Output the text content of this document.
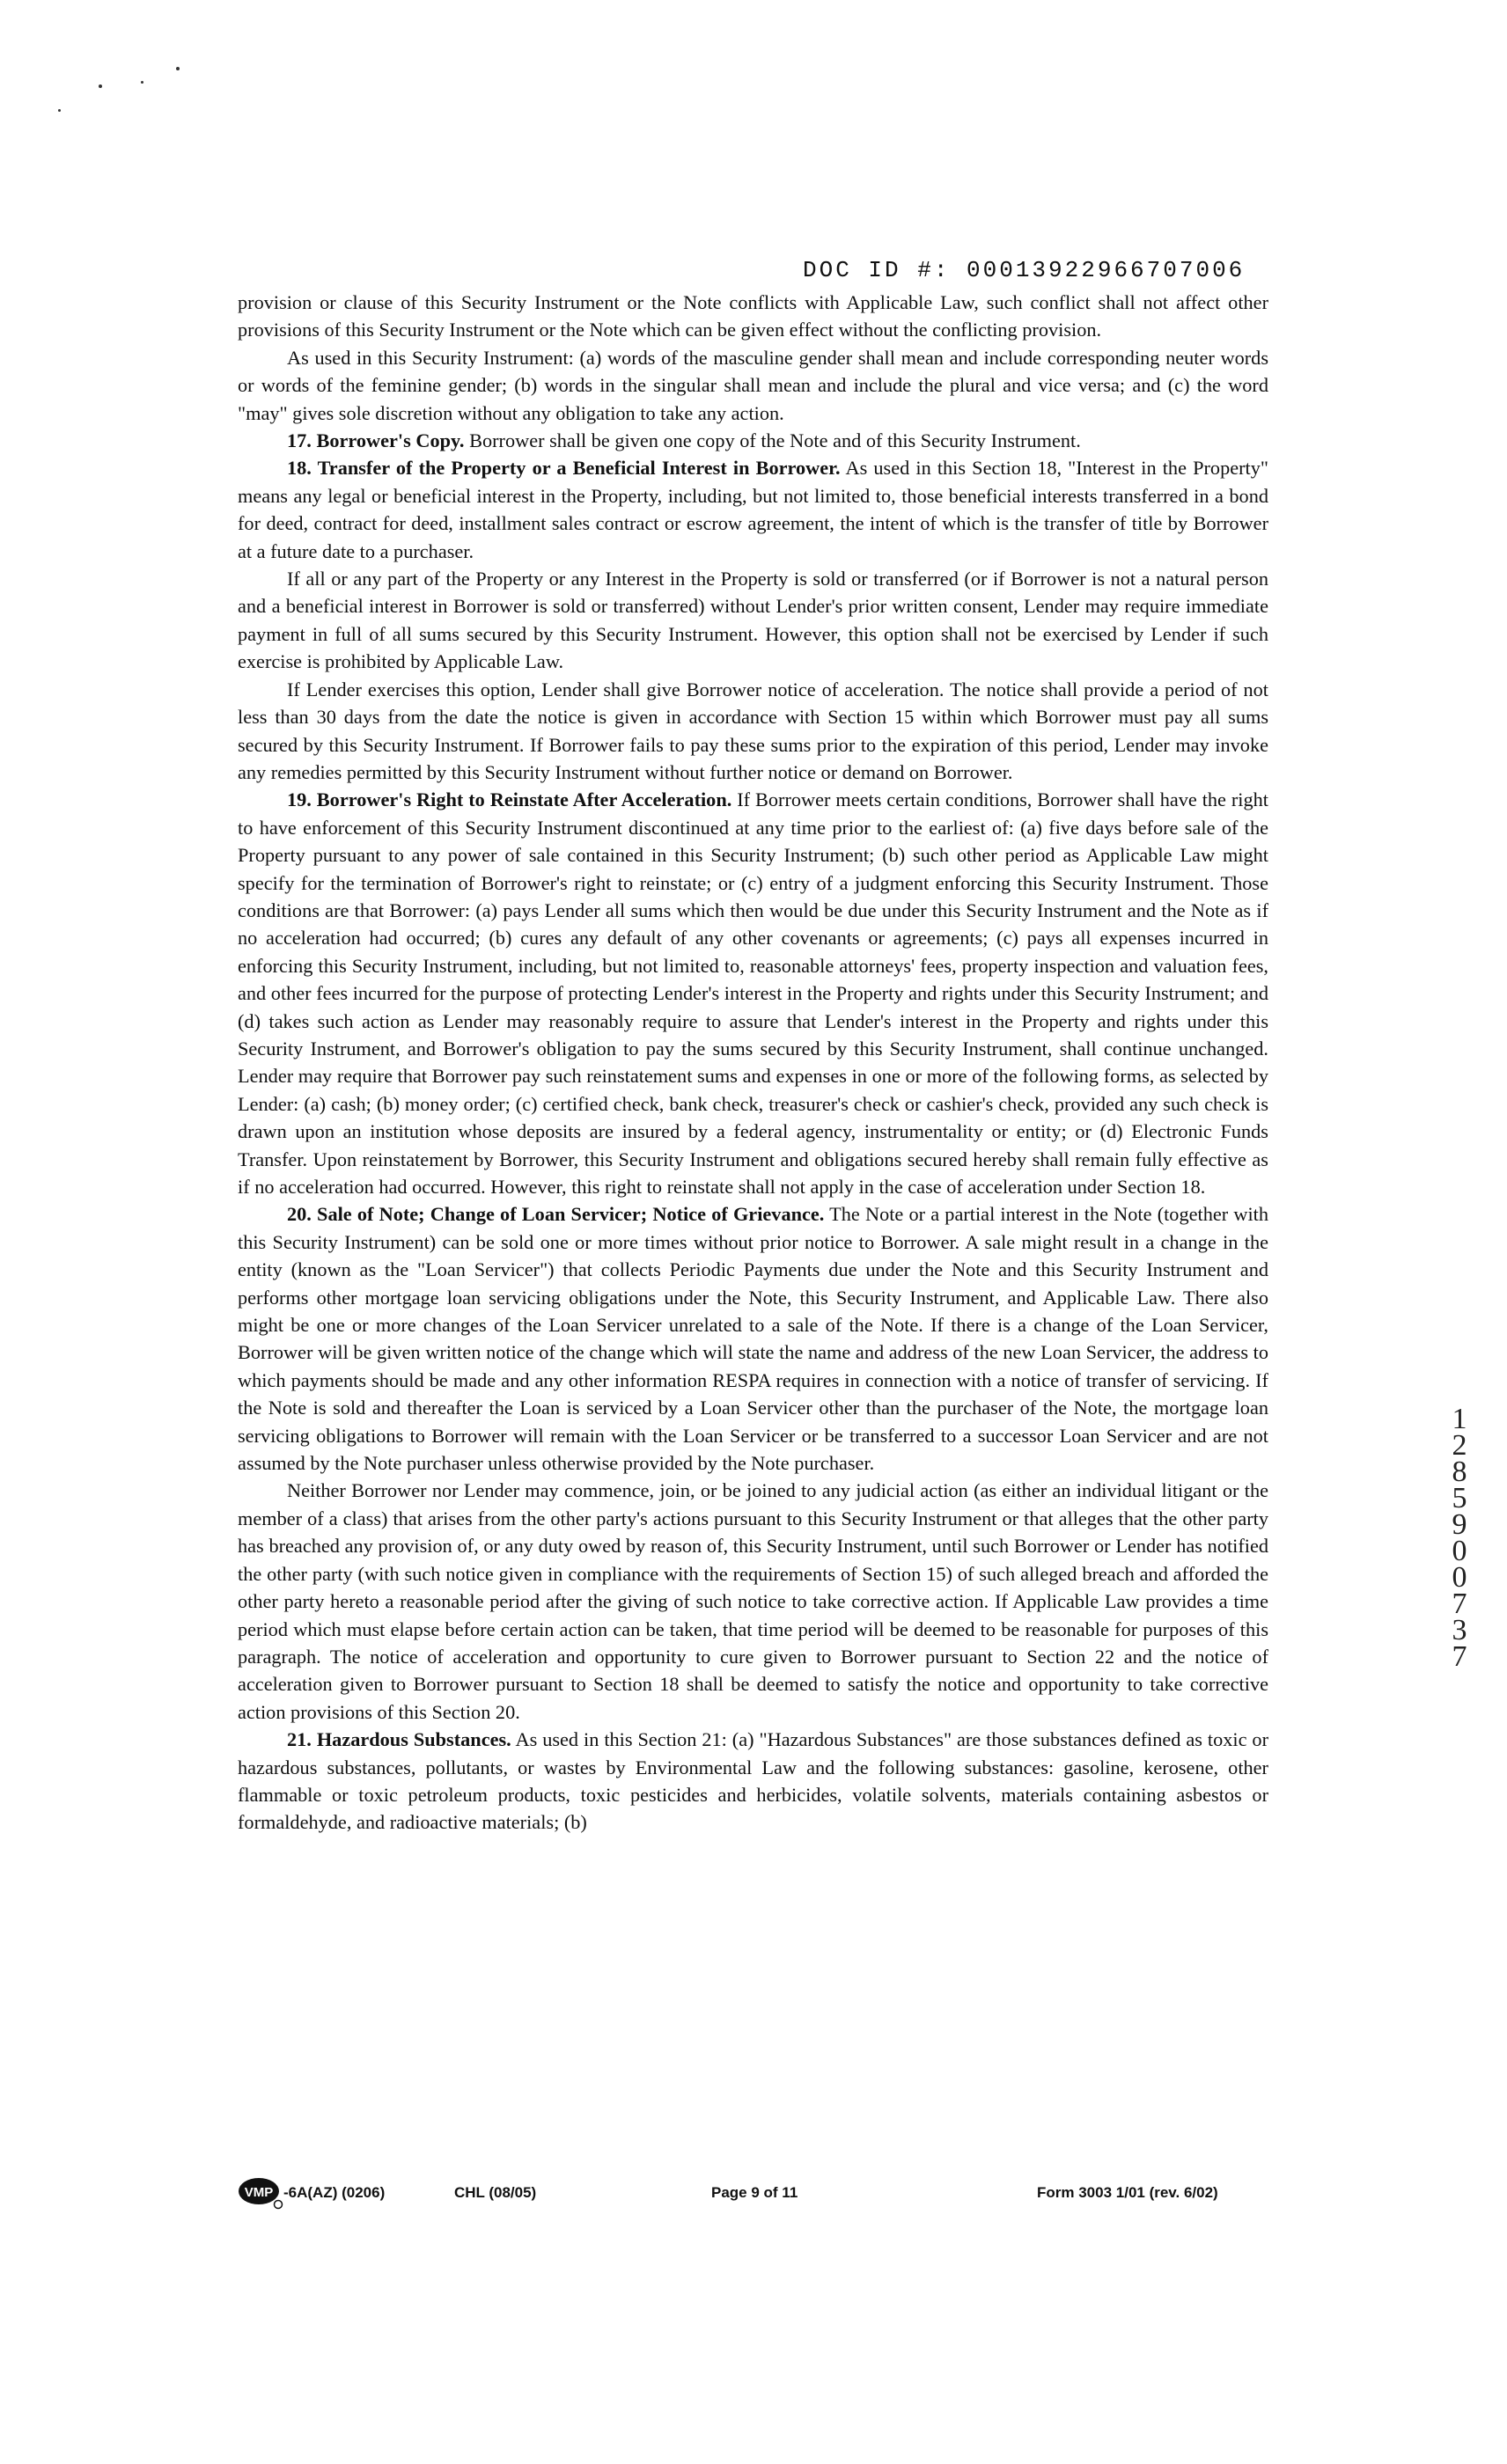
DOC ID #: 00013922966707006

provision or clause of this Security Instrument or the Note conflicts with Applicable Law, such conflict shall not affect other provisions of this Security Instrument or the Note which can be given effect without the conflicting provision.

As used in this Security Instrument: (a) words of the masculine gender shall mean and include corresponding neuter words or words of the feminine gender; (b) words in the singular shall mean and include the plural and vice versa; and (c) the word "may" gives sole discretion without any obligation to take any action.

17. Borrower's Copy. Borrower shall be given one copy of the Note and of this Security Instrument.

18. Transfer of the Property or a Beneficial Interest in Borrower. As used in this Section 18, "Interest in the Property" means any legal or beneficial interest in the Property, including, but not limited to, those beneficial interests transferred in a bond for deed, contract for deed, installment sales contract or escrow agreement, the intent of which is the transfer of title by Borrower at a future date to a purchaser.

If all or any part of the Property or any Interest in the Property is sold or transferred (or if Borrower is not a natural person and a beneficial interest in Borrower is sold or transferred) without Lender's prior written consent, Lender may require immediate payment in full of all sums secured by this Security Instrument. However, this option shall not be exercised by Lender if such exercise is prohibited by Applicable Law.

If Lender exercises this option, Lender shall give Borrower notice of acceleration. The notice shall provide a period of not less than 30 days from the date the notice is given in accordance with Section 15 within which Borrower must pay all sums secured by this Security Instrument. If Borrower fails to pay these sums prior to the expiration of this period, Lender may invoke any remedies permitted by this Security Instrument without further notice or demand on Borrower.

19. Borrower's Right to Reinstate After Acceleration. If Borrower meets certain conditions, Borrower shall have the right to have enforcement of this Security Instrument discontinued at any time prior to the earliest of: (a) five days before sale of the Property pursuant to any power of sale contained in this Security Instrument; (b) such other period as Applicable Law might specify for the termination of Borrower's right to reinstate; or (c) entry of a judgment enforcing this Security Instrument. Those conditions are that Borrower: (a) pays Lender all sums which then would be due under this Security Instrument and the Note as if no acceleration had occurred; (b) cures any default of any other covenants or agreements; (c) pays all expenses incurred in enforcing this Security Instrument, including, but not limited to, reasonable attorneys' fees, property inspection and valuation fees, and other fees incurred for the purpose of protecting Lender's interest in the Property and rights under this Security Instrument; and (d) takes such action as Lender may reasonably require to assure that Lender's interest in the Property and rights under this Security Instrument, and Borrower's obligation to pay the sums secured by this Security Instrument, shall continue unchanged. Lender may require that Borrower pay such reinstatement sums and expenses in one or more of the following forms, as selected by Lender: (a) cash; (b) money order; (c) certified check, bank check, treasurer's check or cashier's check, provided any such check is drawn upon an institution whose deposits are insured by a federal agency, instrumentality or entity; or (d) Electronic Funds Transfer. Upon reinstatement by Borrower, this Security Instrument and obligations secured hereby shall remain fully effective as if no acceleration had occurred. However, this right to reinstate shall not apply in the case of acceleration under Section 18.

20. Sale of Note; Change of Loan Servicer; Notice of Grievance. The Note or a partial interest in the Note (together with this Security Instrument) can be sold one or more times without prior notice to Borrower. A sale might result in a change in the entity (known as the "Loan Servicer") that collects Periodic Payments due under the Note and this Security Instrument and performs other mortgage loan servicing obligations under the Note, this Security Instrument, and Applicable Law. There also might be one or more changes of the Loan Servicer unrelated to a sale of the Note. If there is a change of the Loan Servicer, Borrower will be given written notice of the change which will state the name and address of the new Loan Servicer, the address to which payments should be made and any other information RESPA requires in connection with a notice of transfer of servicing. If the Note is sold and thereafter the Loan is serviced by a Loan Servicer other than the purchaser of the Note, the mortgage loan servicing obligations to Borrower will remain with the Loan Servicer or be transferred to a successor Loan Servicer and are not assumed by the Note purchaser unless otherwise provided by the Note purchaser.

Neither Borrower nor Lender may commence, join, or be joined to any judicial action (as either an individual litigant or the member of a class) that arises from the other party's actions pursuant to this Security Instrument or that alleges that the other party has breached any provision of, or any duty owed by reason of, this Security Instrument, until such Borrower or Lender has notified the other party (with such notice given in compliance with the requirements of Section 15) of such alleged breach and afforded the other party hereto a reasonable period after the giving of such notice to take corrective action. If Applicable Law provides a time period which must elapse before certain action can be taken, that time period will be deemed to be reasonable for purposes of this paragraph. The notice of acceleration and opportunity to cure given to Borrower pursuant to Section 22 and the notice of acceleration given to Borrower pursuant to Section 18 shall be deemed to satisfy the notice and opportunity to take corrective action provisions of this Section 20.

21. Hazardous Substances. As used in this Section 21: (a) "Hazardous Substances" are those substances defined as toxic or hazardous substances, pollutants, or wastes by Environmental Law and the following substances: gasoline, kerosene, other flammable or toxic petroleum products, toxic pesticides and herbicides, volatile solvents, materials containing asbestos or formaldehyde, and radioactive materials; (b)

1
2
8
5
9
0
0
7
3
7
VMP -6A(AZ) (0206)	CHL (08/05)	Page 9 of 11	Form 3003 1/01 (rev. 6/02)
